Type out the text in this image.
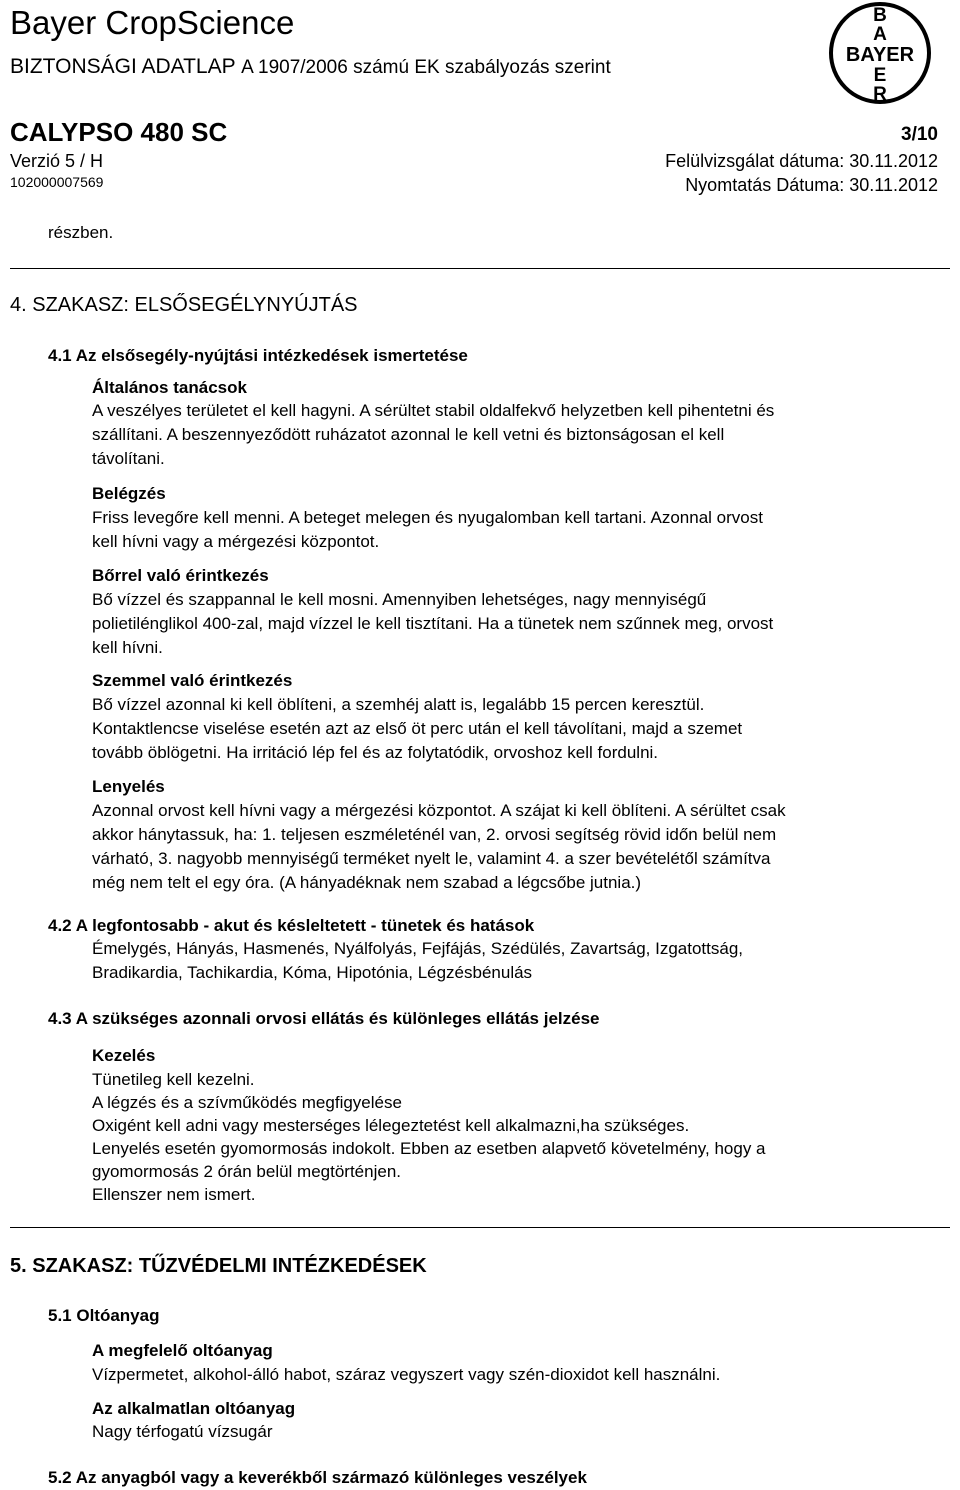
Bayer CropScience
BIZTONSÁGI ADATLAP A 1907/2006 számú EK szabályozás szerint
B
A
BAYER
E
R
CALYPSO 480 SC	3/10
Verzió 5 / H	Felülvizsgálat dátuma: 30.11.2012
102000007569	Nyomtatás Dátuma: 30.11.2012
részben.
4. SZAKASZ: ELSŐSEGÉLYNYÚJTÁS
4.1 Az elsősegély-nyújtási intézkedések ismertetése
Általános tanácsok
A veszélyes területet el kell hagyni. A sérültet stabil oldalfekvő helyzetben kell pihentetni és
szállítani. A beszennyeződött ruházatot azonnal le kell vetni és biztonságosan el kell
távolítani.
Belégzés
Friss levegőre kell menni. A beteget melegen és nyugalomban kell tartani. Azonnal orvost
kell hívni vagy a mérgezési központot.
Bőrrel való érintkezés
Bő vízzel és szappannal le kell mosni. Amennyiben lehetséges, nagy mennyiségű
polietilénglikol 400-zal, majd vízzel le kell tisztítani. Ha a tünetek nem szűnnek meg, orvost
kell hívni.
Szemmel való érintkezés
Bő vízzel azonnal ki kell öblíteni, a szemhéj alatt is, legalább 15 percen keresztül.
Kontaktlencse viselése esetén azt az első öt perc után el kell távolítani, majd a szemet
tovább öblögetni. Ha irritáció lép fel és az folytatódik, orvoshoz kell fordulni.
Lenyelés
Azonnal orvost kell hívni vagy a mérgezési központot. A szájat ki kell öblíteni. A sérültet csak
akkor hánytassuk, ha: 1. teljesen eszméleténél van, 2. orvosi segítség rövid időn belül nem
várható, 3. nagyobb mennyiségű terméket nyelt le, valamint 4. a szer bevételétől számítva
még nem telt el egy óra. (A hányadéknak nem szabad a légcsőbe jutnia.)
4.2 A legfontosabb - akut és késleltetett - tünetek és hatások
Émelygés, Hányás, Hasmenés, Nyálfolyás, Fejfájás, Szédülés, Zavartság, Izgatottság,
Bradikardia, Tachikardia, Kóma, Hipotónia, Légzésbénulás
4.3 A szükséges azonnali orvosi ellátás és különleges ellátás jelzése
Kezelés
Tünetileg kell kezelni.
A légzés és a szívműködés megfigyelése
Oxigént kell adni vagy mesterséges lélegeztetést kell alkalmazni,ha szükséges.
Lenyelés esetén gyomormosás indokolt. Ebben az esetben alapvető követelmény, hogy a
gyomormosás 2 órán belül megtörténjen.
Ellenszer nem ismert.
5. SZAKASZ: TŰZVÉDELMI INTÉZKEDÉSEK
5.1 Oltóanyag
A megfelelő oltóanyag
Vízpermetet, alkohol-álló habot, száraz vegyszert vagy szén-dioxidot kell használni.
Az alkalmatlan oltóanyag
Nagy térfogatú vízsugár
5.2 Az anyagból vagy a keverékből származó különleges veszélyek
